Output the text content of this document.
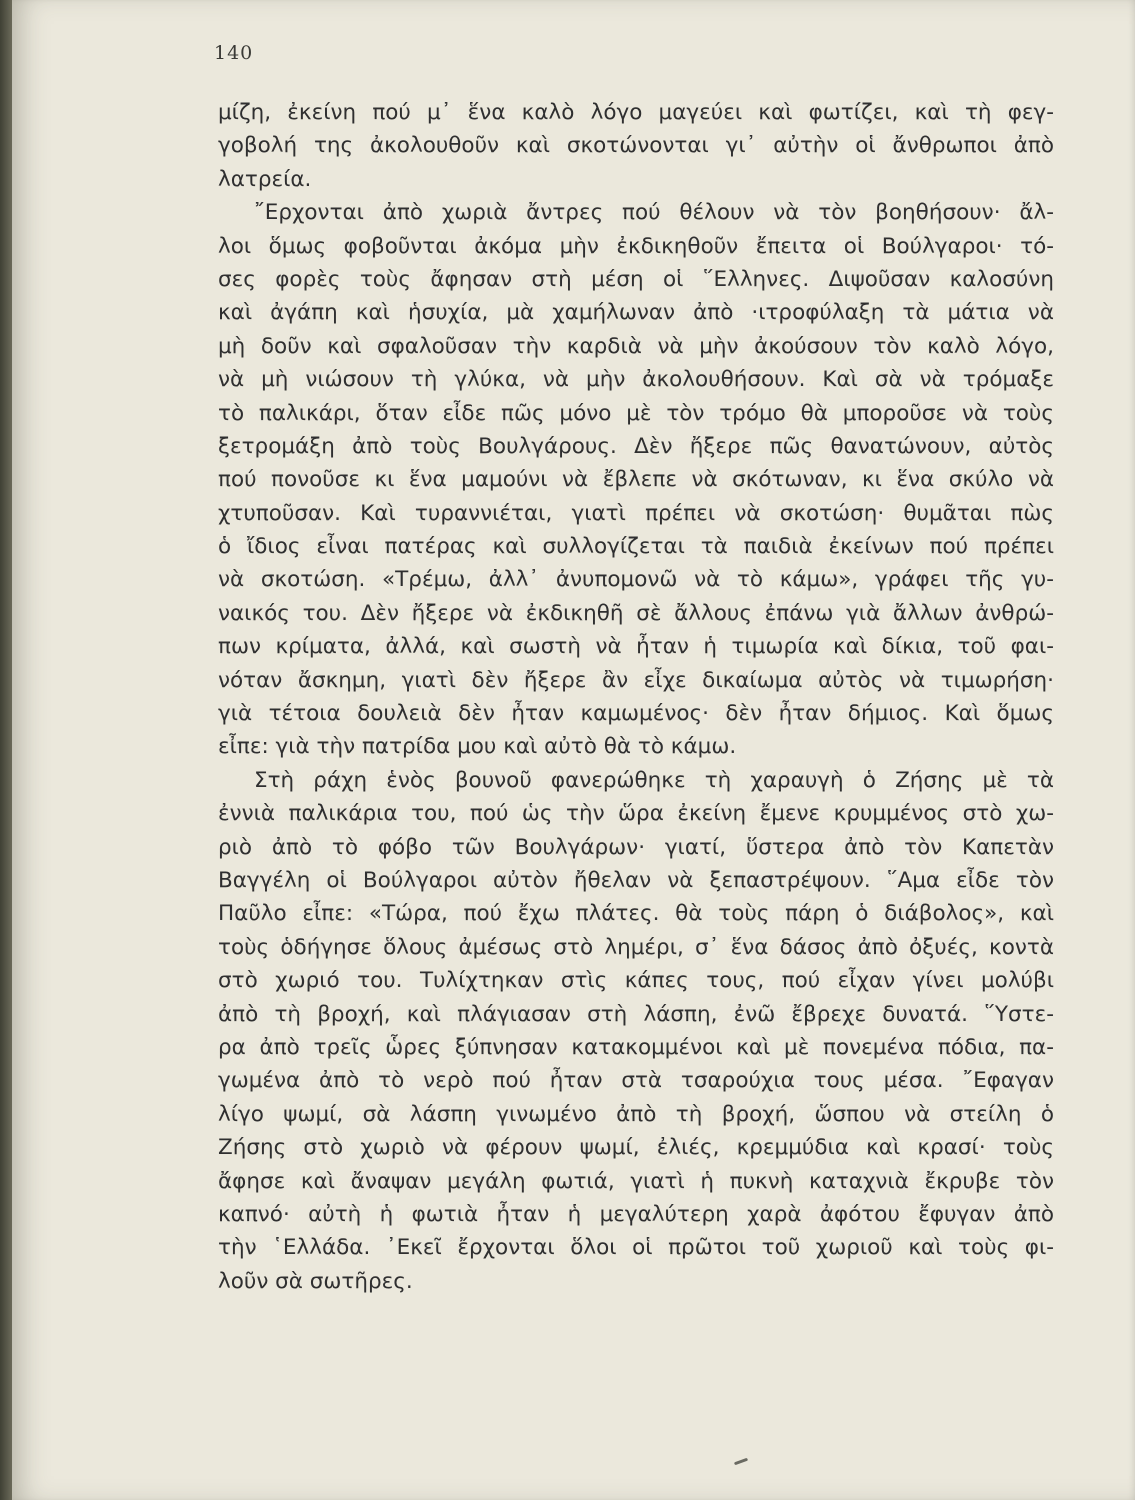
140
μίζη, ἐκείνη πού μ᾽ ἕνα καλὸ λόγο μαγεύει καὶ φωτίζει, καὶ τὴ φεγ-
γοβολή της ἀκολουθοῦν καὶ σκοτώνονται γι᾽ αὐτὴν οἱ ἄνθρωποι ἀπὸ
λατρεία.
῎Ερχονται ἀπὸ χωριὰ ἄντρες πού θέλουν νὰ τὸν βοηθήσουν· ἄλ-
λοι ὅμως φοβοῦνται ἀκόμα μὴν ἐκδικηθοῦν ἔπειτα οἱ Βούλγαροι· τό-
σες φορὲς τοὺς ἄφησαν στὴ μέση οἱ ῞Ελληνες. Διψοῦσαν καλοσύνη
καὶ ἀγάπη καὶ ἡσυχία, μὰ χαμήλωναν ἀπὸ ·ιτροφύλαξη τὰ μάτια νὰ
μὴ δοῦν καὶ σφαλοῦσαν τὴν καρδιὰ νὰ μὴν ἀκούσουν τὸν καλὸ λόγο,
νὰ μὴ νιώσουν τὴ γλύκα, νὰ μὴν ἀκολουθήσουν. Καὶ σὰ νὰ τρόμαξε
τὸ παλικάρι, ὅταν εἶδε πῶς μόνο μὲ τὸν τρόμο θὰ μποροῦσε νὰ τοὺς
ξετρομάξη ἀπὸ τοὺς Βουλγάρους. Δὲν ἤξερε πῶς θανατώνουν, αὐτὸς
πού πονοῦσε κι ἕνα μαμούνι νὰ ἔβλεπε νὰ σκότωναν, κι ἕνα σκύλο νὰ
χτυποῦσαν. Καὶ τυραννιέται, γιατὶ πρέπει νὰ σκοτώση· θυμᾶται πὼς
ὁ ἴδιος εἶναι πατέρας καὶ συλλογίζεται τὰ παιδιὰ ἐκείνων πού πρέπει
νὰ σκοτώση. «Τρέμω, ἀλλ᾽ ἀνυπομονῶ νὰ τὸ κάμω», γράφει τῆς γυ-
ναικός του. Δὲν ἤξερε νὰ ἐκδικηθῆ σὲ ἄλλους ἐπάνω γιὰ ἄλλων ἀνθρώ-
πων κρίματα, ἀλλά, καὶ σωστὴ νὰ ἦταν ἡ τιμωρία καὶ δίκια, τοῦ φαι-
νόταν ἄσκημη, γιατὶ δὲν ἤξερε ἂν εἶχε δικαίωμα αὐτὸς νὰ τιμωρήση·
γιὰ τέτοια δουλειὰ δὲν ἦταν καμωμένος· δὲν ἦταν δήμιος. Καὶ ὅμως
εἶπε: γιὰ τὴν πατρίδα μου καὶ αὐτὸ θὰ τὸ κάμω.
Στὴ ράχη ἑνὸς βουνοῦ φανερώθηκε τὴ χαραυγὴ ὁ Ζήσης μὲ τὰ
ἐννιὰ παλικάρια του, πού ὡς τὴν ὥρα ἐκείνη ἔμενε κρυμμένος στὸ χω-
ριὸ ἀπὸ τὸ φόβο τῶν Βουλγάρων· γιατί, ὕστερα ἀπὸ τὸν Καπετὰν
Βαγγέλη οἱ Βούλγαροι αὐτὸν ἤθελαν νὰ ξεπαστρέψουν. ῞Αμα εἶδε τὸν
Παῦλο εἶπε: «Τώρα, πού ἔχω πλάτες. θὰ τοὺς πάρη ὁ διάβολος», καὶ
τοὺς ὁδήγησε ὅλους ἀμέσως στὸ λημέρι, σ᾽ ἕνα δάσος ἀπὸ ὀξυές, κοντὰ
στὸ χωριό του. Τυλίχτηκαν στὶς κάπες τους, πού εἶχαν γίνει μολύβι
ἀπὸ τὴ βροχή, καὶ πλάγιασαν στὴ λάσπη, ἐνῶ ἔβρεχε δυνατά. ῞Υστε-
ρα ἀπὸ τρεῖς ὧρες ξύπνησαν κατακομμένοι καὶ μὲ πονεμένα πόδια, πα-
γωμένα ἀπὸ τὸ νερὸ πού ἦταν στὰ τσαρούχια τους μέσα. ῎Εφαγαν
λίγο ψωμί, σὰ λάσπη γινωμένο ἀπὸ τὴ βροχή, ὥσπου νὰ στείλη ὁ
Ζήσης στὸ χωριὸ νὰ φέρουν ψωμί, ἐλιές, κρεμμύδια καὶ κρασί· τοὺς
ἄφησε καὶ ἄναψαν μεγάλη φωτιά, γιατὶ ἡ πυκνὴ καταχνιὰ ἔκρυβε τὸν
καπνό· αὐτὴ ἡ φωτιὰ ἦταν ἡ μεγαλύτερη χαρὰ ἀφότου ἔφυγαν ἀπὸ
τὴν ῾Ελλάδα. ᾽Εκεῖ ἔρχονται ὅλοι οἱ πρῶτοι τοῦ χωριοῦ καὶ τοὺς φι-
λοῦν σὰ σωτῆρες.
